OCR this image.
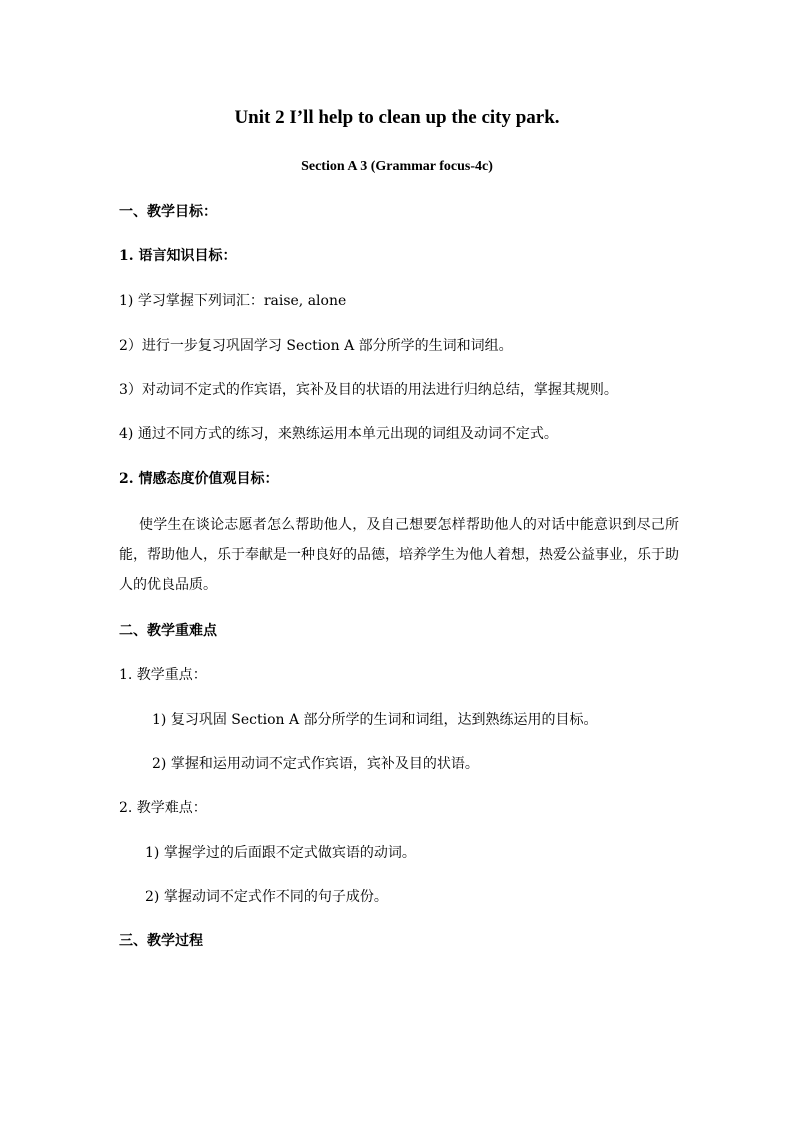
Unit 2 I’ll help to clean up the city park.
Section A 3 (Grammar focus-4c)
一、教学目标：
1. 语言知识目标：
1) 学习掌握下列词汇：raise, alone
2）进行一步复习巩固学习 Section A 部分所学的生词和词组。
3）对动词不定式的作宾语，宾补及目的状语的用法进行归纳总结，掌握其规则。
4) 通过不同方式的练习，来熟练运用本单元出现的词组及动词不定式。
2. 情感态度价值观目标：
使学生在谈论志愿者怎么帮助他人，及自己想要怎样帮助他人的对话中能意识到尽己所能，帮助他人，乐于奉献是一种良好的品德，培养学生为他人着想，热爱公益事业，乐于助人的优良品质。
二、教学重难点
1. 教学重点：
1) 复习巩固 Section A 部分所学的生词和词组，达到熟练运用的目标。
2) 掌握和运用动词不定式作宾语，宾补及目的状语。
2. 教学难点：
1) 掌握学过的后面跟不定式做宾语的动词。
2) 掌握动词不定式作不同的句子成份。
三、教学过程
